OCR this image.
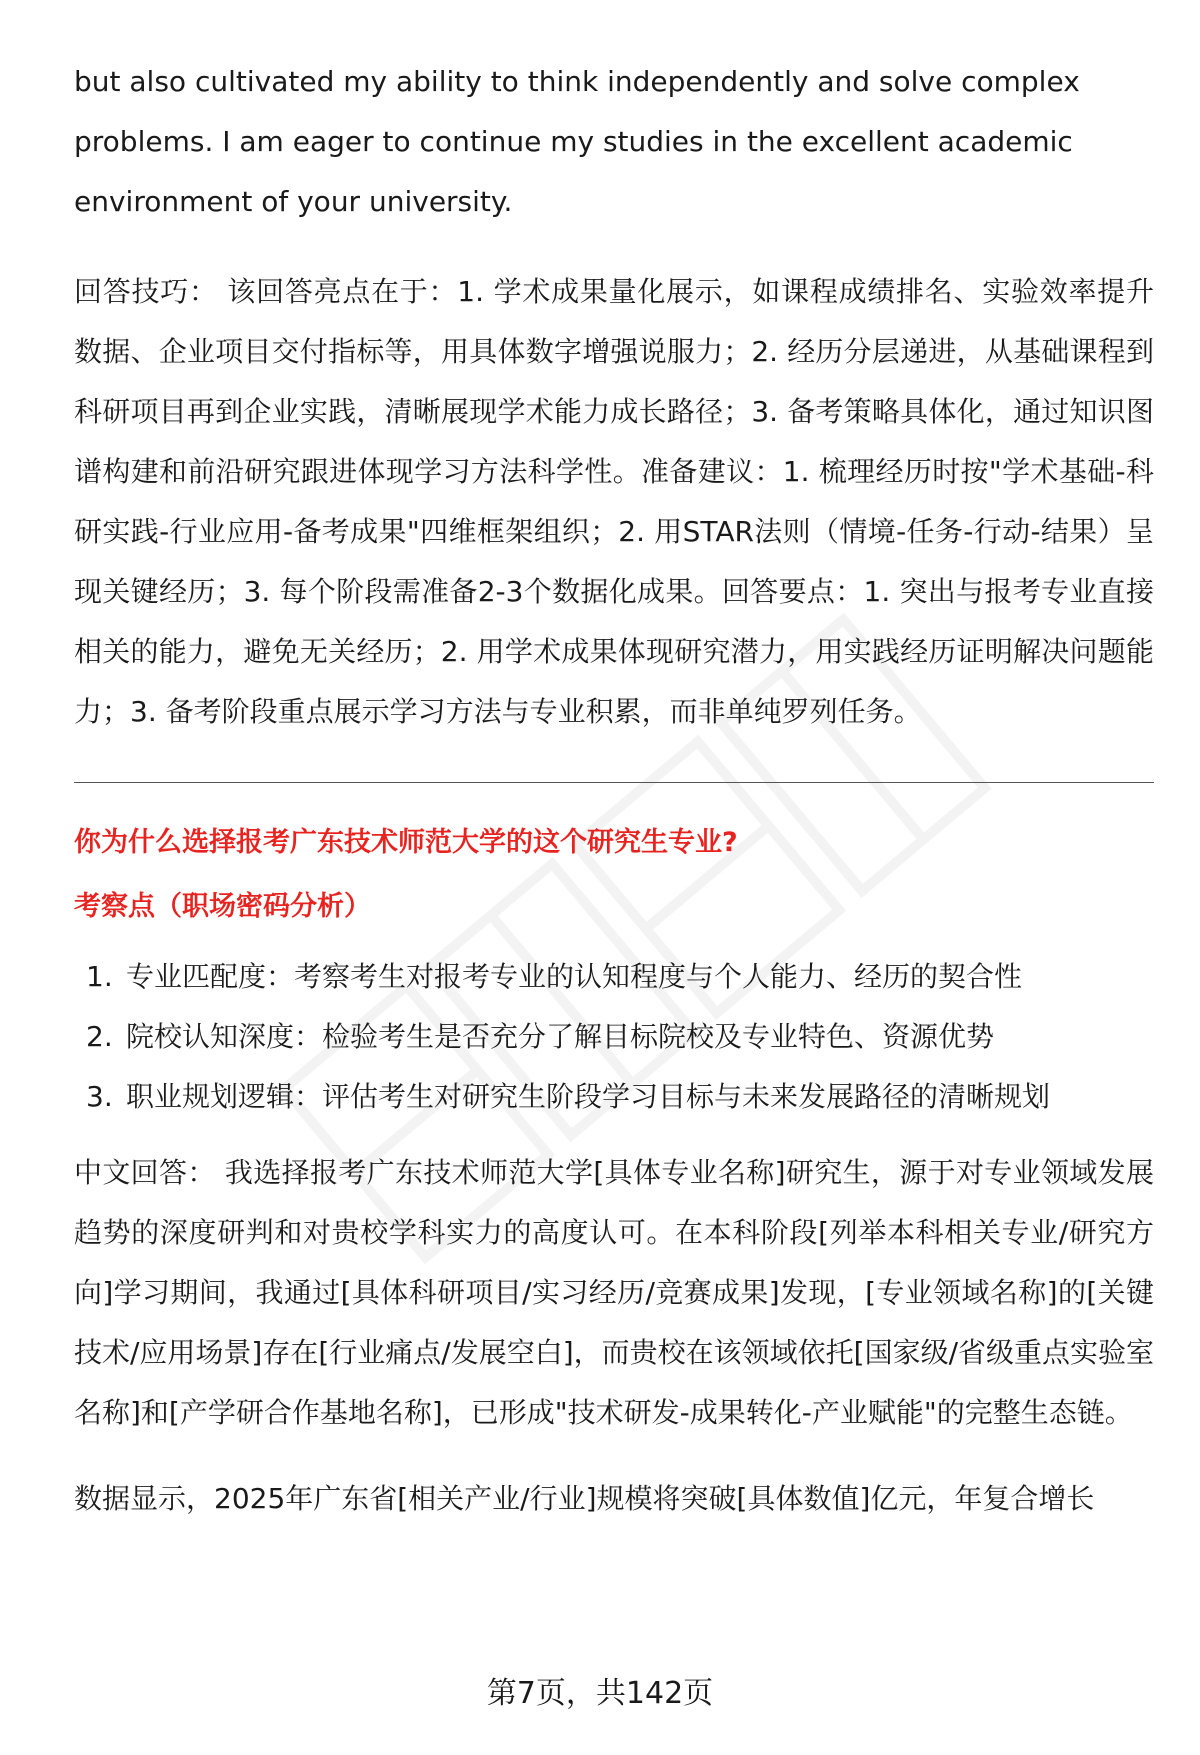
but also cultivated my ability to think independently and solve complex problems. I am eager to continue my studies in the excellent academic environment of your university.

回答技巧： 该回答亮点在于：1. 学术成果量化展示，如课程成绩排名、实验效率提升数据、企业项目交付指标等，用具体数字增强说服力；2. 经历分层递进，从基础课程到科研项目再到企业实践，清晰展现学术能力成长路径；3. 备考策略具体化，通过知识图谱构建和前沿研究跟进体现学习方法科学性。准备建议：1. 梳理经历时按"学术基础-科研实践-行业应用-备考成果"四维框架组织；2. 用STAR法则（情境-任务-行动-结果）呈现关键经历；3. 每个阶段需准备2-3个数据化成果。回答要点：1. 突出与报考专业直接相关的能力，避免无关经历；2. 用学术成果体现研究潜力，用实践经历证明解决问题能力；3. 备考阶段重点展示学习方法与专业积累，而非单纯罗列任务。

你为什么选择报考广东技术师范大学的这个研究生专业?

考察点（职场密码分析）

1. 专业匹配度：考察考生对报考专业的认知程度与个人能力、经历的契合性
2. 院校认知深度：检验考生是否充分了解目标院校及专业特色、资源优势
3. 职业规划逻辑：评估考生对研究生阶段学习目标与未来发展路径的清晰规划

中文回答： 我选择报考广东技术师范大学[具体专业名称]研究生，源于对专业领域发展趋势的深度研判和对贵校学科实力的高度认可。在本科阶段[列举本科相关专业/研究方向]学习期间，我通过[具体科研项目/实习经历/竞赛成果]发现，[专业领域名称]的[关键技术/应用场景]存在[行业痛点/发展空白]，而贵校在该领域依托[国家级/省级重点实验室名称]和[产学研合作基地名称]，已形成"技术研发-成果转化-产业赋能"的完整生态链。

数据显示，2025年广东省[相关产业/行业]规模将突破[具体数值]亿元，年复合增长

第7页，共142页
